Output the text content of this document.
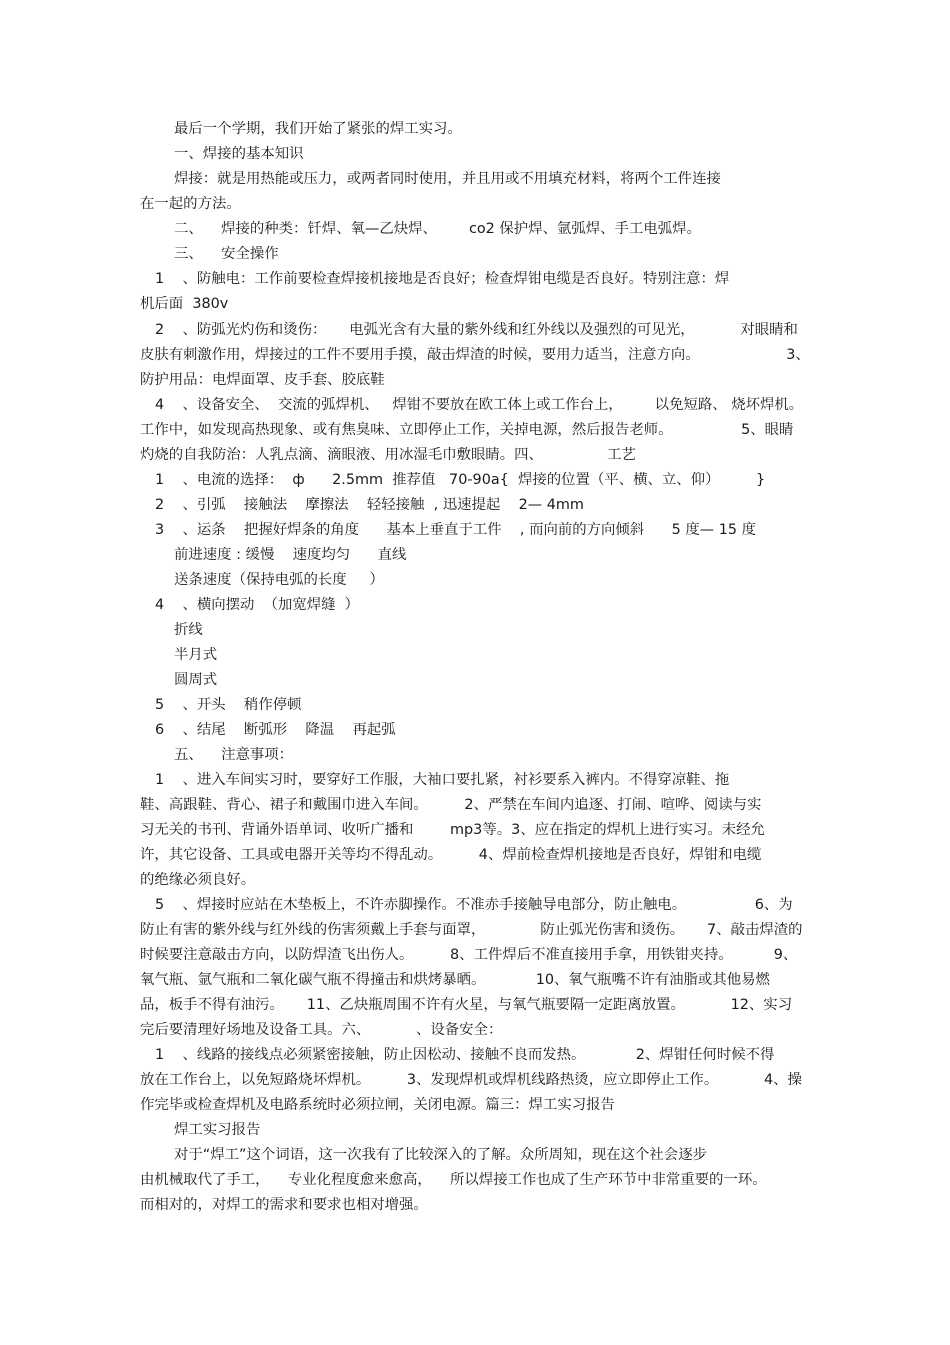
最后一个学期，我们开始了紧张的焊工实习。
一、焊接的基本知识
焊接：就是用热能或压力，或两者同时使用，并且用或不用填充材料，将两个工件连接
在一起的方法。
二、    焊接的种类：钎焊、氧—乙炔焊、       co2 保护焊、氩弧焊、手工电弧焊。
三、    安全操作
1    、防触电：工作前要检查焊接机接地是否良好；检查焊钳电缆是否良好。特别注意：焊
机后面  380v
2    、防弧光灼伤和烫伤：     电弧光含有大量的紫外线和红外线以及强烈的可见光，          对眼睛和
皮肤有刺激作用，焊接过的工件不要用手摸，敲击焊渣的时候，要用力适当，注意方向。                   3、
防护用品：电焊面罩、皮手套、胶底鞋
4    、设备安全、  交流的弧焊机、   焊钳不要放在欧工体上或工作台上，       以免短路、 烧坏焊机。
工作中，如发现高热现象、或有焦臭味、立即停止工作，关掉电源，然后报告老师。               5、眼睛
灼烧的自我防治：人乳点滴、滴眼液、用冰湿毛巾敷眼睛。四、              工艺
1    、电流的选择：  ф      2.5mm  推荐值   70-90a{  焊接的位置（平、横、立、仰）        }
2    、引弧    接触法    摩擦法    轻轻接触  , 迅速提起    2— 4mm
3    、运条    把握好焊条的角度      基本上垂直于工件    , 而向前的方向倾斜      5 度— 15 度
前进速度 : 缓慢    速度均匀      直线
送条速度（保持电弧的长度     ）
4    、横向摆动  （加宽焊缝  ）
折线
半月式
圆周式
5    、开头    稍作停顿
6    、结尾    断弧形    降温    再起弧
五、    注意事项：
1    、进入车间实习时，要穿好工作服，大袖口要扎紧，衬衫要系入裤内。不得穿凉鞋、拖
鞋、高跟鞋、背心、裙子和戴围巾进入车间。        2、严禁在车间内追逐、打闹、喧哗、阅读与实
习无关的书刊、背诵外语单词、收听广播和        mp3等。3、应在指定的焊机上进行实习。未经允
许，其它设备、工具或电器开关等均不得乱动。        4、焊前检查焊机接地是否良好，焊钳和电缆
的绝缘必须良好。
5    、焊接时应站在木垫板上，不许赤脚操作。不准赤手接触导电部分，防止触电。               6、为
防止有害的紫外线与红外线的伤害须戴上手套与面罩，            防止弧光伤害和烫伤。     7、敲击焊渣的
时候要注意敲击方向，以防焊渣飞出伤人。        8、工件焊后不准直接用手拿，用铁钳夹持。         9、
氧气瓶、氩气瓶和二氧化碳气瓶不得撞击和烘烤暴晒。           10、氧气瓶嘴不许有油脂或其他易燃
品，板手不得有油污。     11、乙炔瓶周围不许有火星，与氧气瓶要隔一定距离放置。          12、实习
完后要清理好场地及设备工具。六、          、设备安全：
1    、线路的接线点必须紧密接触，防止因松动、接触不良而发热。           2、焊钳任何时候不得
放在工作台上，以免短路烧坏焊机。        3、发现焊机或焊机线路热烫，应立即停止工作。          4、操
作完毕或检查焊机及电路系统时必须拉闸，关闭电源。篇三：焊工实习报告
焊工实习报告
对于“焊工”这个词语，这一次我有了比较深入的了解。众所周知，现在这个社会逐步
由机械取代了手工，    专业化程度愈来愈高，    所以焊接工作也成了生产环节中非常重要的一环。
而相对的，对焊工的需求和要求也相对增强。
